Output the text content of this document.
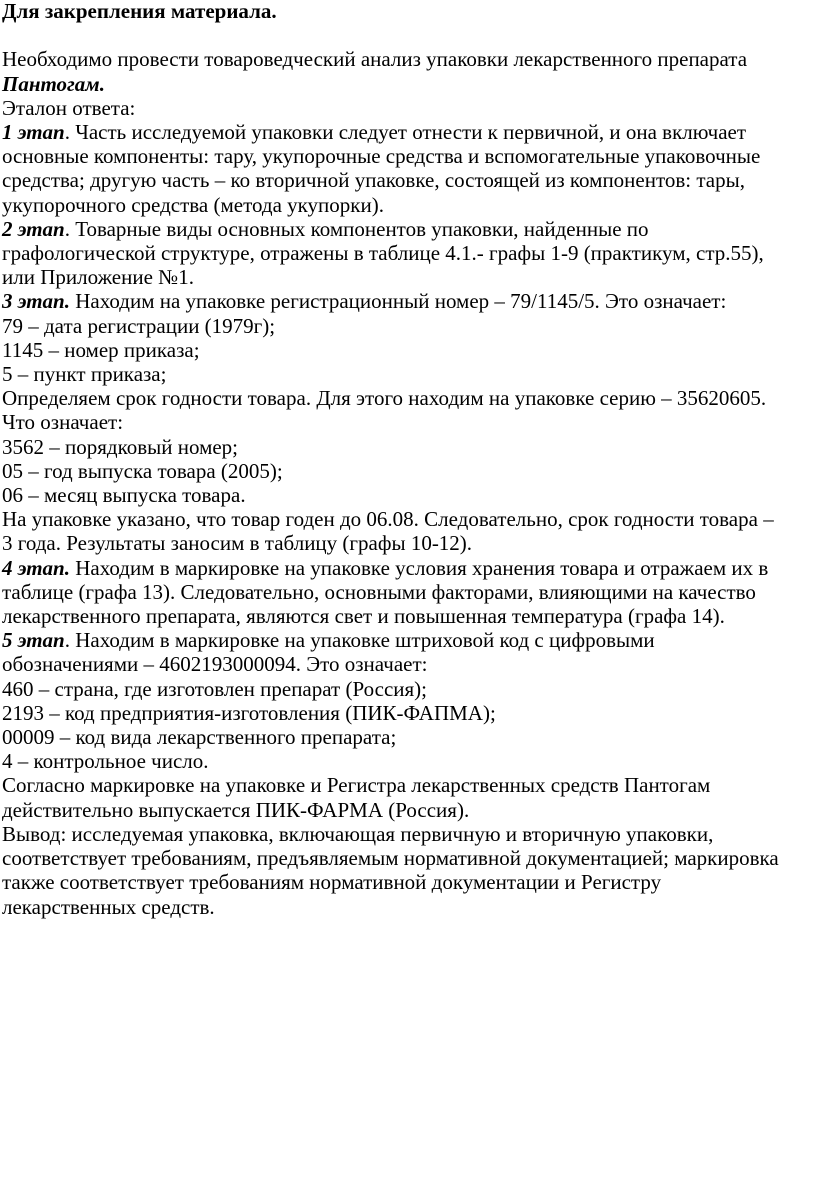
Для закрепления материала.

Необходимо провести товароведческий анализ упаковки лекарственного препарата

Пантогам.

Эталон ответа:

1 этап. Часть исследуемой упаковки следует отнести к первичной, и она включает

основные компоненты: тару, укупорочные средства и вспомогательные упаковочные

средства; другую часть – ко вторичной упаковке, состоящей из компонентов: тары,

укупорочного средства (метода укупорки).

2 этап. Товарные виды основных компонентов упаковки, найденные по

графологической структуре, отражены в таблице 4.1.- графы 1-9 (практикум, стр.55),

или Приложение №1.

3 этап. Находим на упаковке регистрационный номер – 79/1145/5. Это означает:

79 – дата регистрации (1979г);

1145 – номер приказа;

5 – пункт приказа;

Определяем срок годности товара. Для этого находим на упаковке серию – 35620605.

Что означает:

3562 – порядковый номер;

05 – год выпуска товара (2005);

06 – месяц выпуска товара.

На упаковке указано, что товар годен до 06.08. Следовательно, срок годности товара –

3 года. Результаты заносим в таблицу (графы 10-12).

4 этап. Находим в маркировке на упаковке условия хранения товара и отражаем их в

таблице (графа 13). Следовательно, основными факторами, влияющими на качество

лекарственного препарата, являются свет и повышенная температура (графа 14).

5 этап. Находим в маркировке на упаковке штриховой код с цифровыми

обозначениями – 4602193000094. Это означает:

460 – страна, где изготовлен препарат (Россия);

2193 – код предприятия-изготовления (ПИК-ФАПМА);

00009 – код вида лекарственного препарата;

4 – контрольное число.

Согласно маркировке на упаковке и Регистра лекарственных средств Пантогам

действительно выпускается ПИК-ФАРМА (Россия).

Вывод: исследуемая упаковка, включающая первичную и вторичную упаковки,

соответствует требованиям, предъявляемым нормативной документацией; маркировка

также соответствует требованиям нормативной документации и Регистру

лекарственных средств.
